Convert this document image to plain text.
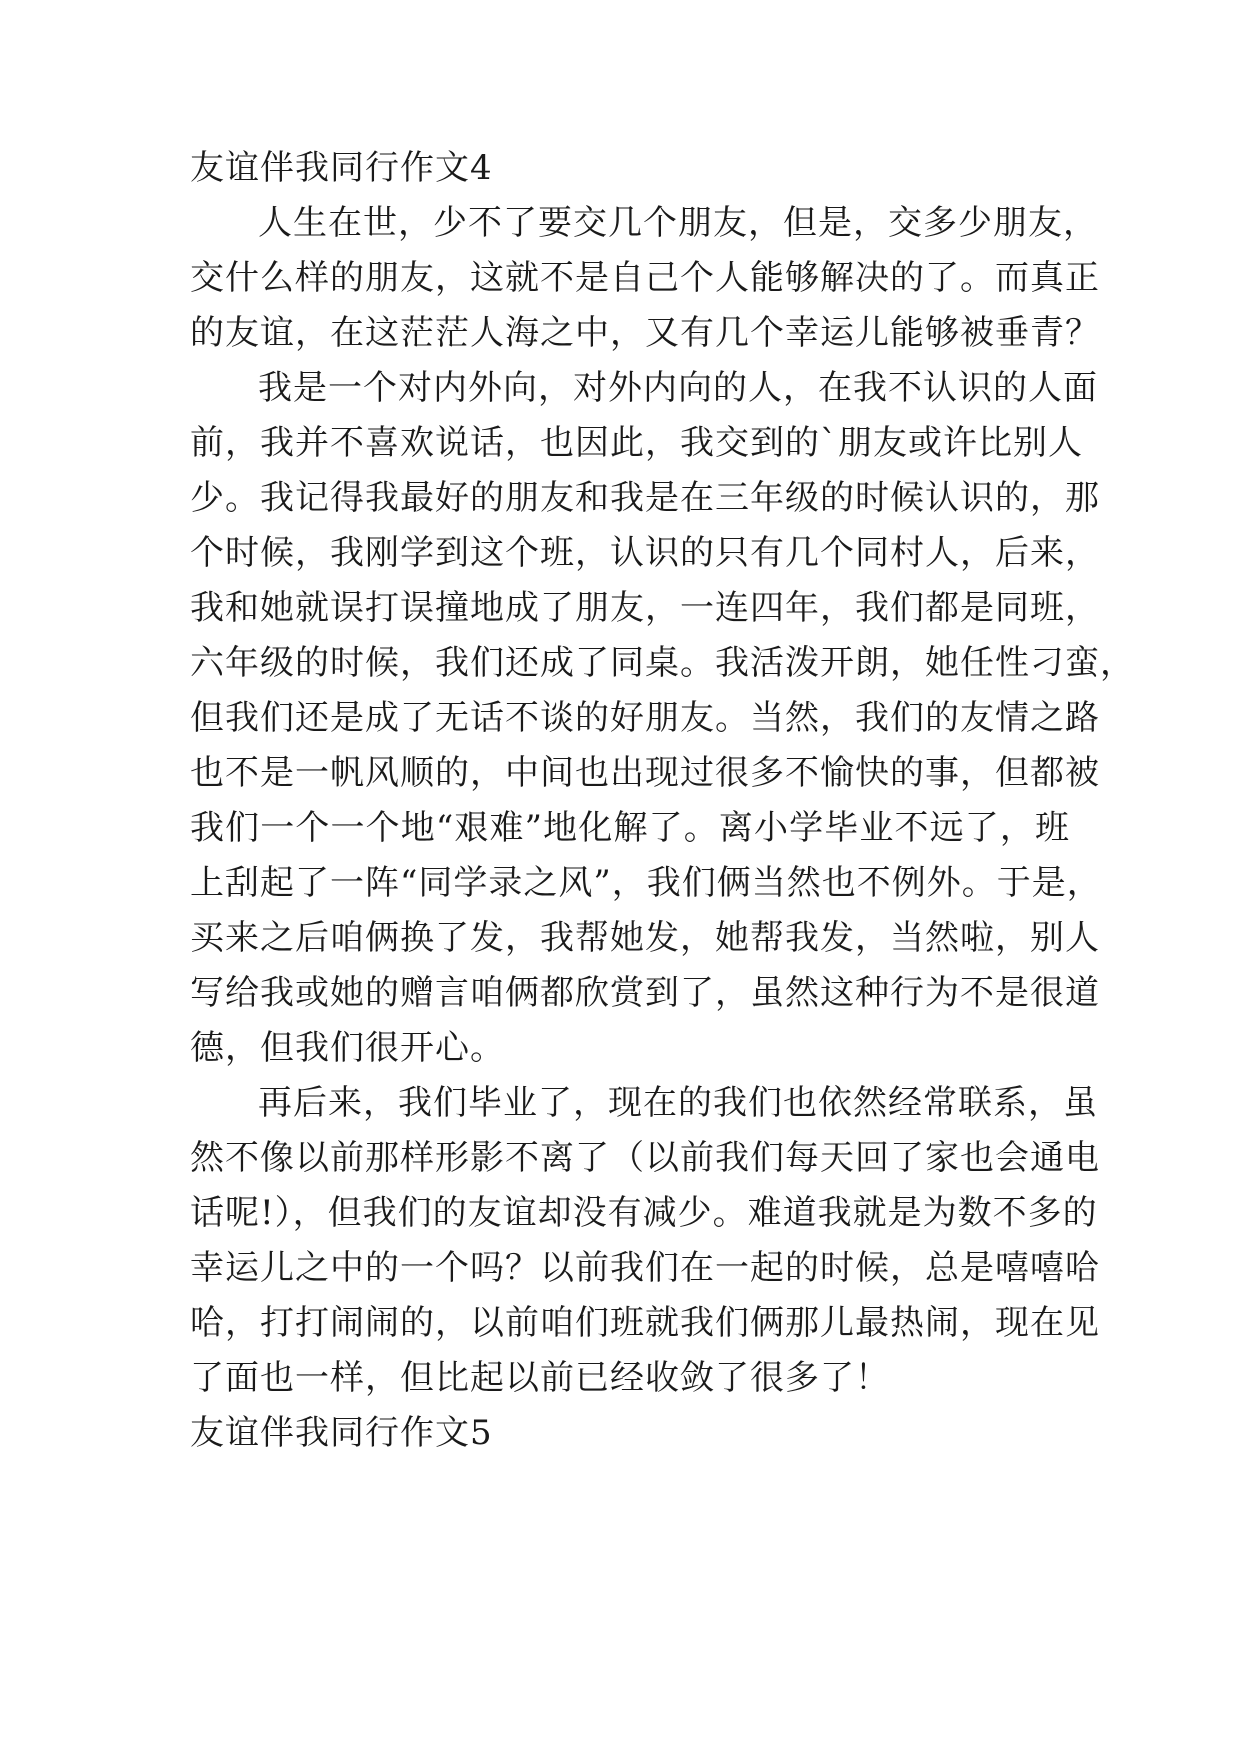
友谊伴我同行作文4
人生在世，少不了要交几个朋友，但是，交多少朋友，
交什么样的朋友，这就不是自己个人能够解决的了。而真正
的友谊，在这茫茫人海之中，又有几个幸运儿能够被垂青？
我是一个对内外向，对外内向的人，在我不认识的人面
前，我并不喜欢说话，也因此，我交到的`朋友或许比别人
少。我记得我最好的朋友和我是在三年级的时候认识的，那
个时候，我刚学到这个班，认识的只有几个同村人，后来，
我和她就误打误撞地成了朋友，一连四年，我们都是同班，
六年级的时候，我们还成了同桌。我活泼开朗，她任性刁蛮，
但我们还是成了无话不谈的好朋友。当然，我们的友情之路
也不是一帆风顺的，中间也出现过很多不愉快的事，但都被
我们一个一个地“艰难”地化解了。离小学毕业不远了，班
上刮起了一阵“同学录之风”，我们俩当然也不例外。于是，
买来之后咱俩换了发，我帮她发，她帮我发，当然啦，别人
写给我或她的赠言咱俩都欣赏到了，虽然这种行为不是很道
德，但我们很开心。
再后来，我们毕业了，现在的我们也依然经常联系，虽
然不像以前那样形影不离了（以前我们每天回了家也会通电
话呢!），但我们的友谊却没有减少。难道我就是为数不多的
幸运儿之中的一个吗？以前我们在一起的时候，总是嘻嘻哈
哈，打打闹闹的，以前咱们班就我们俩那儿最热闹，现在见
了面也一样，但比起以前已经收敛了很多了！
友谊伴我同行作文5
